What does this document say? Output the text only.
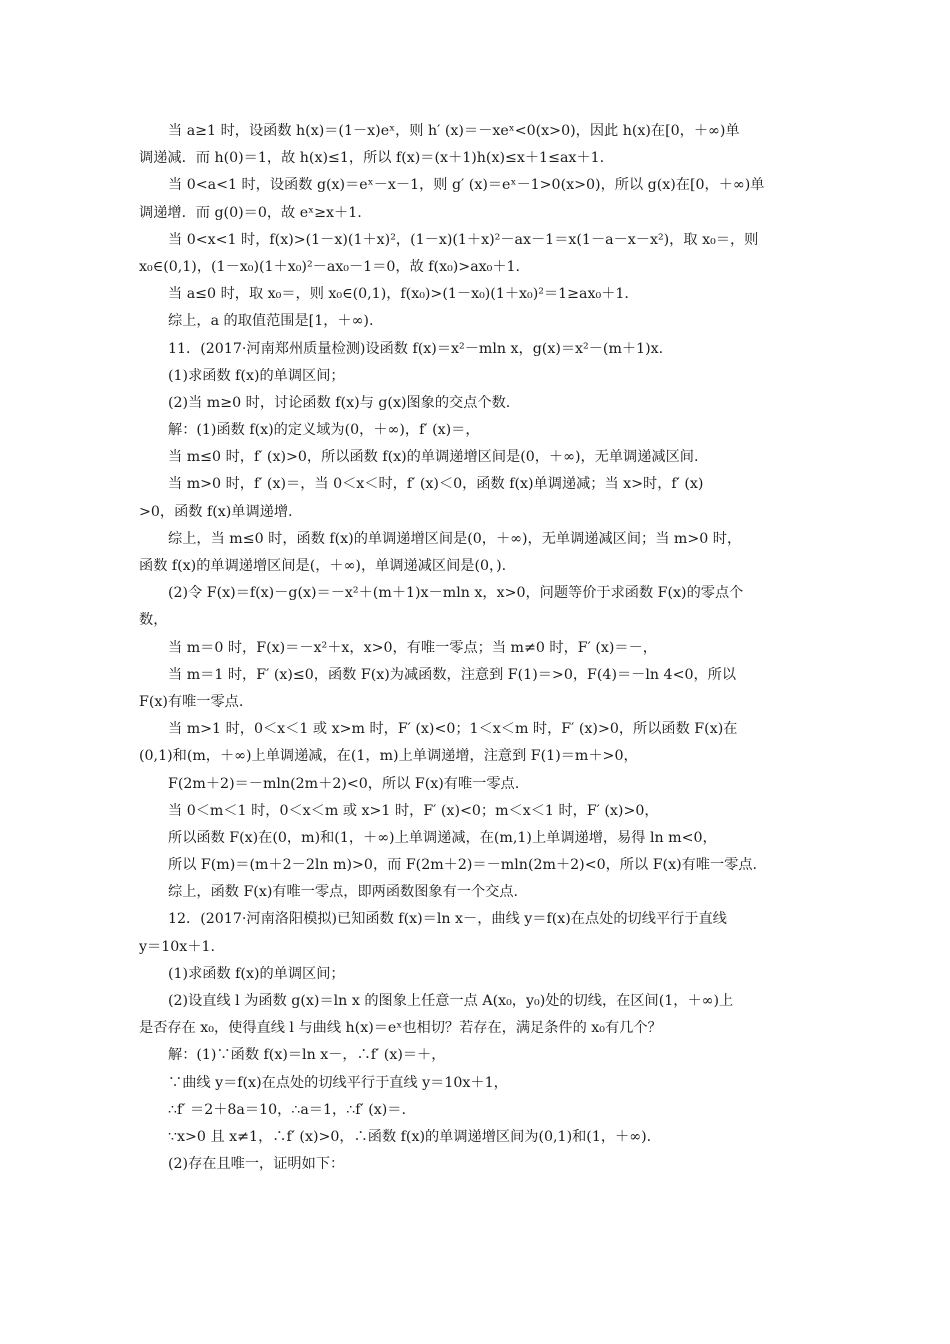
当 a≥1 时，设函数 h(x)＝(1－x)eˣ，则 h′ (x)＝－xeˣ<0(x>0)，因此 h(x)在[0，＋∞)单
调递减．而 h(0)＝1，故 h(x)≤1，所以 f(x)＝(x＋1)h(x)≤x＋1≤ax＋1.
当 0<a<1 时，设函数 g(x)＝eˣ－x－1，则 g′ (x)＝eˣ－1>0(x>0)，所以 g(x)在[0，＋∞)单
调递增．而 g(0)＝0，故 eˣ≥x＋1.
当 0<x<1 时，f(x)>(1－x)(1＋x)²，(1－x)(1＋x)²－ax－1＝x(1－a－x－x²)，取 x₀＝，则
x₀∈(0,1)，(1－x₀)(1＋x₀)²－ax₀－1＝0，故 f(x₀)>ax₀＋1.
当 a≤0 时，取 x₀＝，则 x₀∈(0,1)，f(x₀)>(1－x₀)(1＋x₀)²＝1≥ax₀＋1.
综上，a 的取值范围是[1，＋∞).
11．(2017·河南郑州质量检测)设函数 f(x)＝x²－mln x，g(x)＝x²－(m＋1)x.
(1)求函数 f(x)的单调区间；
(2)当 m≥0 时，讨论函数 f(x)与 g(x)图象的交点个数.
解：(1)函数 f(x)的定义域为(0，＋∞)，f′ (x)＝，
当 m≤0 时，f′ (x)>0，所以函数 f(x)的单调递增区间是(0，＋∞)，无单调递减区间.
当 m>0 时，f′ (x)＝，当 0＜x＜时，f′ (x)＜0，函数 f(x)单调递减；当 x>时，f′ (x)
>0，函数 f(x)单调递增.
综上，当 m≤0 时，函数 f(x)的单调递增区间是(0，＋∞)，无单调递减区间；当 m>0 时，
函数 f(x)的单调递增区间是(，＋∞)，单调递减区间是(0，).
(2)令 F(x)＝f(x)－g(x)＝－x²＋(m＋1)x－mln x，x>0，问题等价于求函数 F(x)的零点个
数，
当 m＝0 时，F(x)＝－x²＋x，x>0，有唯一零点；当 m≠0 时，F′ (x)＝－，
当 m＝1 时，F′ (x)≤0，函数 F(x)为减函数，注意到 F(1)＝>0，F(4)＝－ln 4<0，所以
F(x)有唯一零点.
当 m>1 时，0＜x＜1 或 x>m 时，F′ (x)<0；1＜x＜m 时，F′ (x)>0，所以函数 F(x)在
(0,1)和(m，＋∞)上单调递减，在(1，m)上单调递增，注意到 F(1)＝m＋>0，
F(2m＋2)＝－mln(2m＋2)<0，所以 F(x)有唯一零点.
当 0＜m＜1 时，0＜x＜m 或 x>1 时，F′ (x)<0；m＜x＜1 时，F′ (x)>0，
所以函数 F(x)在(0，m)和(1，＋∞)上单调递减，在(m,1)上单调递增，易得 ln m<0，
所以 F(m)＝(m＋2－2ln m)>0，而 F(2m＋2)＝－mln(2m＋2)<0，所以 F(x)有唯一零点.
综上，函数 F(x)有唯一零点，即两函数图象有一个交点.
12．(2017·河南洛阳模拟)已知函数 f(x)＝ln x－，曲线 y＝f(x)在点处的切线平行于直线
y＝10x＋1.
(1)求函数 f(x)的单调区间；
(2)设直线 l 为函数 g(x)＝ln x 的图象上任意一点 A(x₀，y₀)处的切线，在区间(1，＋∞)上
是否存在 x₀，使得直线 l 与曲线 h(x)＝eˣ也相切？若存在，满足条件的 x₀有几个？
解：(1)∵函数 f(x)＝ln x－，∴f′ (x)＝＋，
∵曲线 y＝f(x)在点处的切线平行于直线 y＝10x＋1，
∴f′ ＝2＋8a＝10，∴a＝1，∴f′ (x)＝.
∵x>0 且 x≠1，∴f′ (x)>0，∴函数 f(x)的单调递增区间为(0,1)和(1，＋∞).
(2)存在且唯一，证明如下：
